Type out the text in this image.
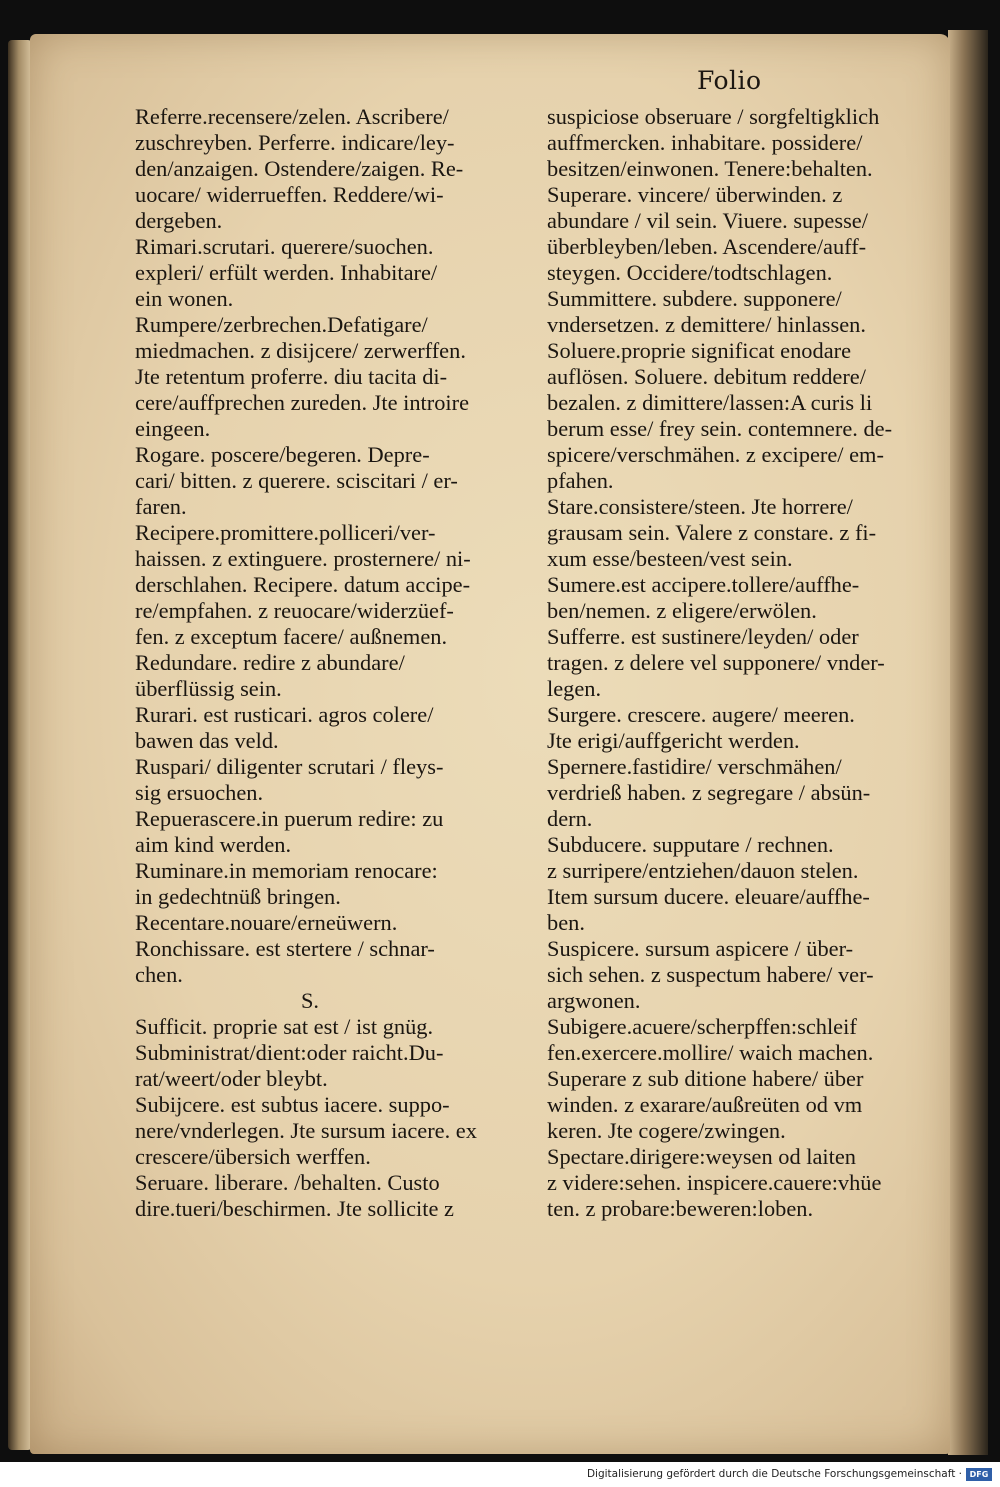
Folio
Referre.recensere/zelen. Ascribere/
zuschreyben. Perferre. indicare/ley-
den/anzaigen. Ostendere/zaigen. Re-
uocare/ widerrueffen. Reddere/wi-
dergeben.
Rimari.scrutari. querere/suochen.
expleri/ erfült werden. Inhabitare/
ein wonen.
Rumpere/zerbrechen.Defatigare/
miedmachen. z disijcere/ zerwerffen.
Jte retentum proferre. diu tacita di-
cere/auffprechen zureden. Jte introire
eingeen.
Rogare. poscere/begeren. Depre-
cari/ bitten. z querere. sciscitari / er-
faren.
Recipere.promittere.polliceri/ver-
haissen. z extinguere. prosternere/ ni-
derschlahen. Recipere. datum accipe-
re/empfahen. z reuocare/widerzüef-
fen. z exceptum facere/ außnemen.
Redundare. redire z abundare/
überflüssig sein.
Rurari. est rusticari. agros colere/
bawen das veld.
Ruspari/ diligenter scrutari / fleys-
sig ersuochen.
Repuerascere.in puerum redire: zu
aim kind werden.
Ruminare.in memoriam renocare:
in gedechtnüß bringen.
Recentare.nouare/erneüwern.
Ronchissare. est stertere / schnar-
chen.
S.
Sufficit. proprie sat est / ist gnüg.
Subministrat/dient:oder raicht.Du-
rat/weert/oder bleybt.
Subijcere. est subtus iacere. suppo-
nere/vnderlegen. Jte sursum iacere. ex
crescere/übersich werffen.
Seruare. liberare. /behalten. Custo
dire.tueri/beschirmen. Jte sollicite z
suspiciose obseruare / sorgfeltigklich
auffmercken. inhabitare. possidere/
besitzen/einwonen. Tenere:behalten.
Superare. vincere/ überwinden. z
abundare / vil sein. Viuere. supesse/
überbleyben/leben. Ascendere/auff-
steygen. Occidere/todtschlagen.
Summittere. subdere. supponere/
vndersetzen. z demittere/ hinlassen.
Soluere.proprie significat enodare
auflösen. Soluere. debitum reddere/
bezalen. z dimittere/lassen:A curis li
berum esse/ frey sein. contemnere. de-
spicere/verschmähen. z excipere/ em-
pfahen.
Stare.consistere/steen. Jte horrere/
grausam sein. Valere z constare. z fi-
xum esse/besteen/vest sein.
Sumere.est accipere.tollere/auffhe-
ben/nemen. z eligere/erwölen.
Sufferre. est sustinere/leyden/ oder
tragen. z delere vel supponere/ vnder-
legen.
Surgere. crescere. augere/ meeren.
Jte erigi/auffgericht werden.
Spernere.fastidire/ verschmähen/
verdrieß haben. z segregare / absün-
dern.
Subducere. supputare / rechnen.
z surripere/entziehen/dauon stelen.
Item sursum ducere. eleuare/auffhe-
ben.
Suspicere. sursum aspicere / über-
sich sehen. z suspectum habere/ ver-
argwonen.
Subigere.acuere/scherpffen:schleif
fen.exercere.mollire/ waich machen.
Superare z sub ditione habere/ über
winden. z exarare/außreüten od vm
keren. Jte cogere/zwingen.
Spectare.dirigere:weysen od laiten
z videre:sehen. inspicere.cauere:vhüe
ten. z probare:beweren:loben.
Digitalisierung gefördert durch die Deutsche Forschungsgemeinschaft · DFG
